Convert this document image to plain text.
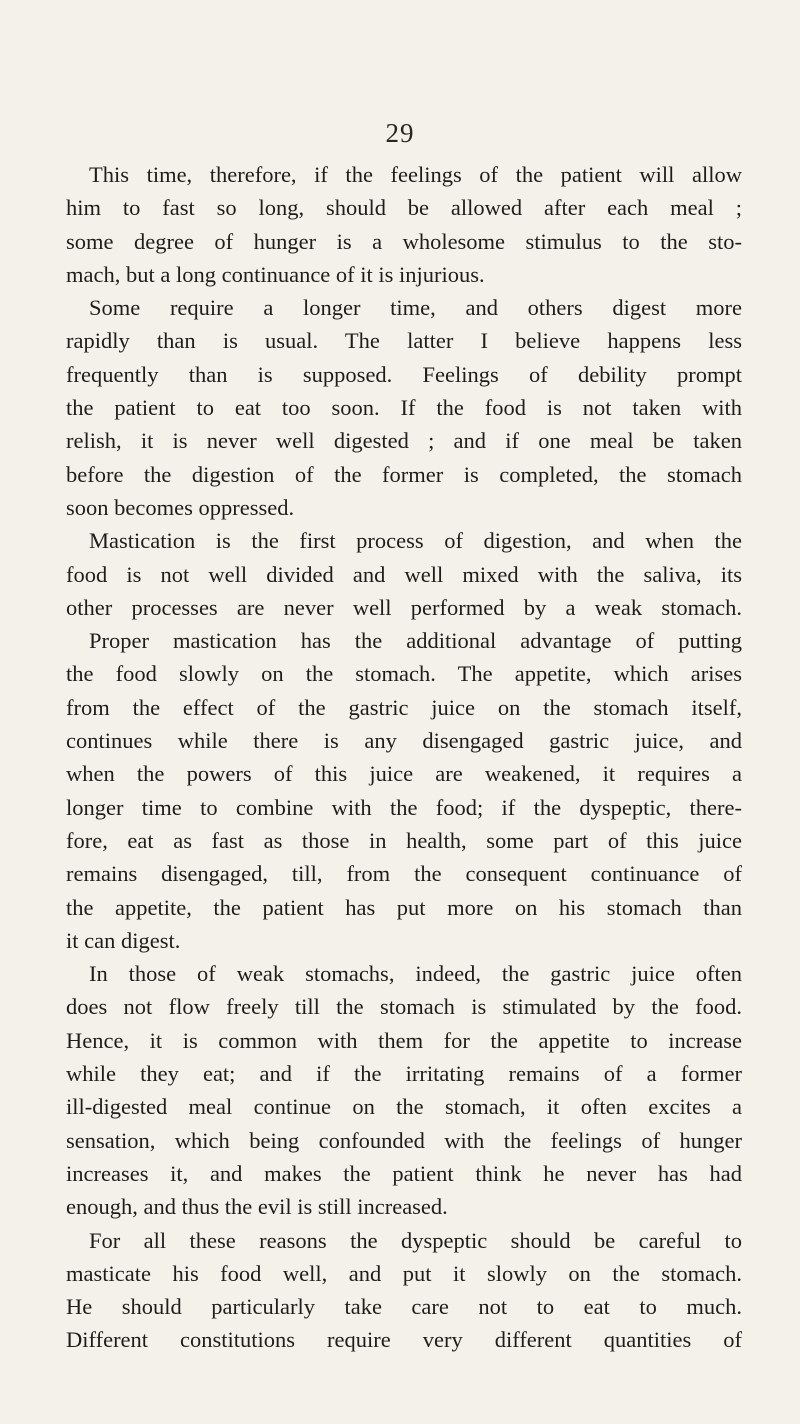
29
This time, therefore, if the feelings of the patient will allow
him to fast so long, should be allowed after each meal ;
some degree of hunger is a wholesome stimulus to the sto-
mach, but a long continuance of it is injurious.
Some require a longer time, and others digest more
rapidly than is usual. The latter I believe happens less
frequently than is supposed. Feelings of debility prompt
the patient to eat too soon. If the food is not taken with
relish, it is never well digested ; and if one meal be taken
before the digestion of the former is completed, the stomach
soon becomes oppressed.
Mastication is the first process of digestion, and when the
food is not well divided and well mixed with the saliva, its
other processes are never well performed by a weak stomach.
Proper mastication has the additional advantage of putting
the food slowly on the stomach. The appetite, which arises
from the effect of the gastric juice on the stomach itself,
continues while there is any disengaged gastric juice, and
when the powers of this juice are weakened, it requires a
longer time to combine with the food; if the dyspeptic, there-
fore, eat as fast as those in health, some part of this juice
remains disengaged, till, from the consequent continuance of
the appetite, the patient has put more on his stomach than
it can digest.
In those of weak stomachs, indeed, the gastric juice often
does not flow freely till the stomach is stimulated by the food.
Hence, it is common with them for the appetite to increase
while they eat; and if the irritating remains of a former
ill-digested meal continue on the stomach, it often excites a
sensation, which being confounded with the feelings of hunger
increases it, and makes the patient think he never has had
enough, and thus the evil is still increased.
For all these reasons the dyspeptic should be careful to
masticate his food well, and put it slowly on the stomach.
He should particularly take care not to eat to much.
Different constitutions require very different quantities of
